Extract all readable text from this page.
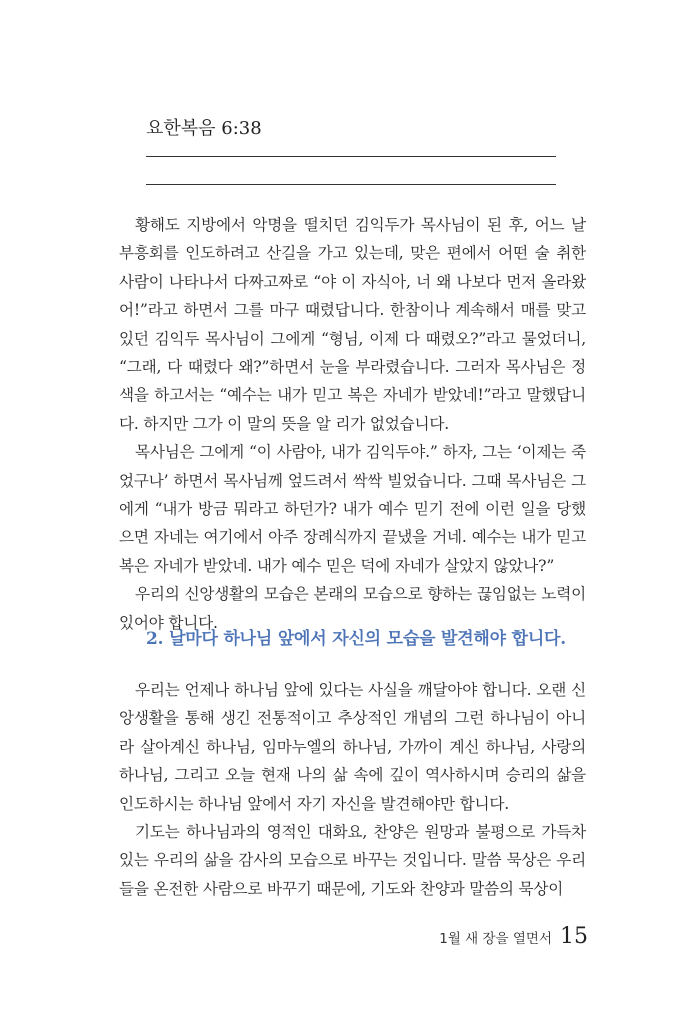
요한복음 6:38

황해도 지방에서 악명을 떨치던 김익두가 목사님이 된 후, 어느 날 부흥회를 인도하려고 산길을 가고 있는데, 맞은 편에서 어떤 술 취한 사람이 나타나서 다짜고짜로 “야 이 자식아, 너 왜 나보다 먼저 올라왔어!”라고 하면서 그를 마구 때렸답니다. 한참이나 계속해서 매를 맞고 있던 김익두 목사님이 그에게 “형님, 이제 다 때렸오?”라고 물었더니, “그래, 다 때렸다 왜?”하면서 눈을 부라렸습니다. 그러자 목사님은 정색을 하고서는 “예수는 내가 믿고 복은 자네가 받았네!”라고 말했답니다. 하지만 그가 이 말의 뜻을 알 리가 없었습니다.

목사님은 그에게 “이 사람아, 내가 김익두야.” 하자, 그는 ‘이제는 죽었구나’ 하면서 목사님께 엎드려서 싹싹 빌었습니다. 그때 목사님은 그에게 “내가 방금 뭐라고 하던가? 내가 예수 믿기 전에 이런 일을 당했으면 자네는 여기에서 아주 장례식까지 끝냈을 거네. 예수는 내가 믿고 복은 자네가 받았네. 내가 예수 믿은 덕에 자네가 살았지 않았나?”

우리의 신앙생활의 모습은 본래의 모습으로 향하는 끊임없는 노력이 있어야 합니다.

2. 날마다 하나님 앞에서 자신의 모습을 발견해야 합니다.

우리는 언제나 하나님 앞에 있다는 사실을 깨달아야 합니다. 오랜 신앙생활을 통해 생긴 전통적이고 추상적인 개념의 그런 하나님이 아니라 살아계신 하나님, 임마누엘의 하나님, 가까이 계신 하나님, 사랑의 하나님, 그리고 오늘 현재 나의 삶 속에 깊이 역사하시며 승리의 삶을 인도하시는 하나님 앞에서 자기 자신을 발견해야만 합니다.

기도는 하나님과의 영적인 대화요, 찬양은 원망과 불평으로 가득차 있는 우리의 삶을 감사의 모습으로 바꾸는 것입니다. 말씀 묵상은 우리들을 온전한 사람으로 바꾸기 때문에, 기도와 찬양과 말씀의 묵상이

1월 새 장을 열면서 15
